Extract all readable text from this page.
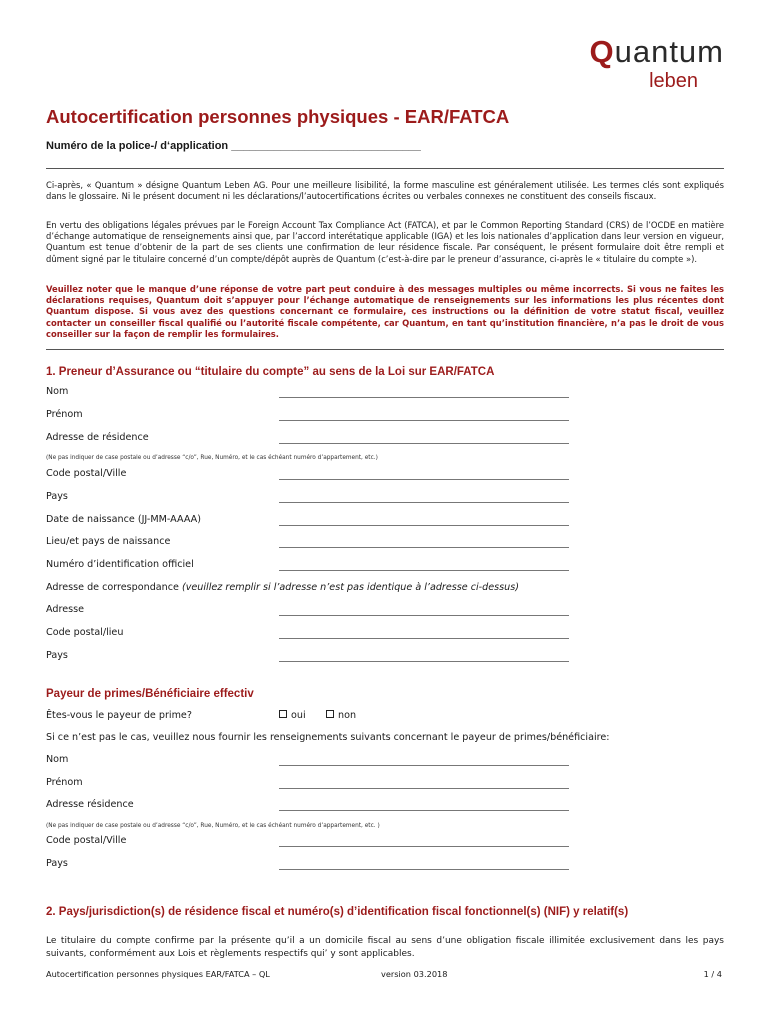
Quantum
leben
Autocertification personnes physiques - EAR/FATCA
Numéro de la police-/ d‘application _______________________________

Ci-après, « Quantum » désigne Quantum Leben AG. Pour une meilleure lisibilité, la forme masculine est généralement utilisée. Les termes clés sont expliqués dans le glossaire. Ni le présent document ni les déclarations/l’autocertifications écrites ou verbales connexes ne constituent des conseils fiscaux.

En vertu des obligations légales prévues par le Foreign Account Tax Compliance Act (FATCA), et par le Common Reporting Standard (CRS) de l’OCDE en matière d’échange automatique de renseignements ainsi que, par l’accord interétatique applicable (IGA) et les lois nationales d’application dans leur version en vigueur, Quantum est tenue d’obtenir de la part de ses clients une confirmation de leur résidence fiscale. Par conséquent, le présent formulaire doit être rempli et dûment signé par le titulaire concerné d’un compte/dépôt auprès de Quantum (c’est-à-dire par le preneur d’assurance, ci-après le « titulaire du compte »).

Veuillez noter que le manque d’une réponse de votre part peut conduire à des messages multiples ou même incorrects. Si vous ne faites les déclarations requises, Quantum doit s’appuyer pour l’échange automatique de renseignements sur les informations les plus récentes dont Quantum dispose. Si vous avez des questions concernant ce formulaire, ces instructions ou la définition de votre statut fiscal, veuillez contacter un conseiller fiscal qualifié ou l’autorité fiscale compétente, car Quantum, en tant qu’institution financière, n’a pas le droit de vous conseiller sur la façon de remplir les formulaires.

1. Preneur d’Assurance ou “titulaire du compte” au sens de la Loi sur EAR/FATCA
Nom
Prénom
Adresse de résidence
(Ne pas indiquer de case postale ou d’adresse “c/o”, Rue, Numéro, et le cas échéant numéro d’appartement, etc.)
Code postal/Ville
Pays
Date de naissance (JJ-MM-AAAA)
Lieu/et pays de naissance
Numéro d’identification officiel
Adresse de correspondance (veuillez remplir si l’adresse n’est pas identique à l’adresse ci-dessus)
Adresse
Code postal/lieu
Pays
Payeur de primes/Bénéficiaire effectiv
Êtes-vous le payeur de prime?	oui	non
Si ce n’est pas le cas, veuillez nous fournir les renseignements suivants concernant le payeur de primes/bénéficiaire:
Nom
Prénom
Adresse résidence
(Ne pas indiquer de case postale ou d’adresse “c/o”, Rue, Numéro, et le cas échéant numéro d’appartement, etc. )
Code postal/Ville
Pays
2. Pays/jurisdiction(s) de résidence fiscal et numéro(s) d’identification fiscal fonctionnel(s) (NIF) y relatif(s)

Le titulaire du compte confirme par la présente qu’il a un domicile fiscal au sens d’une obligation fiscale illimitée exclusivement dans les pays suivants, conformément aux Lois et règlements respectifs qui’ y sont applicables.

Autocertification personnes physiques EAR/FATCA – QL	version 03.2018	1 / 4
